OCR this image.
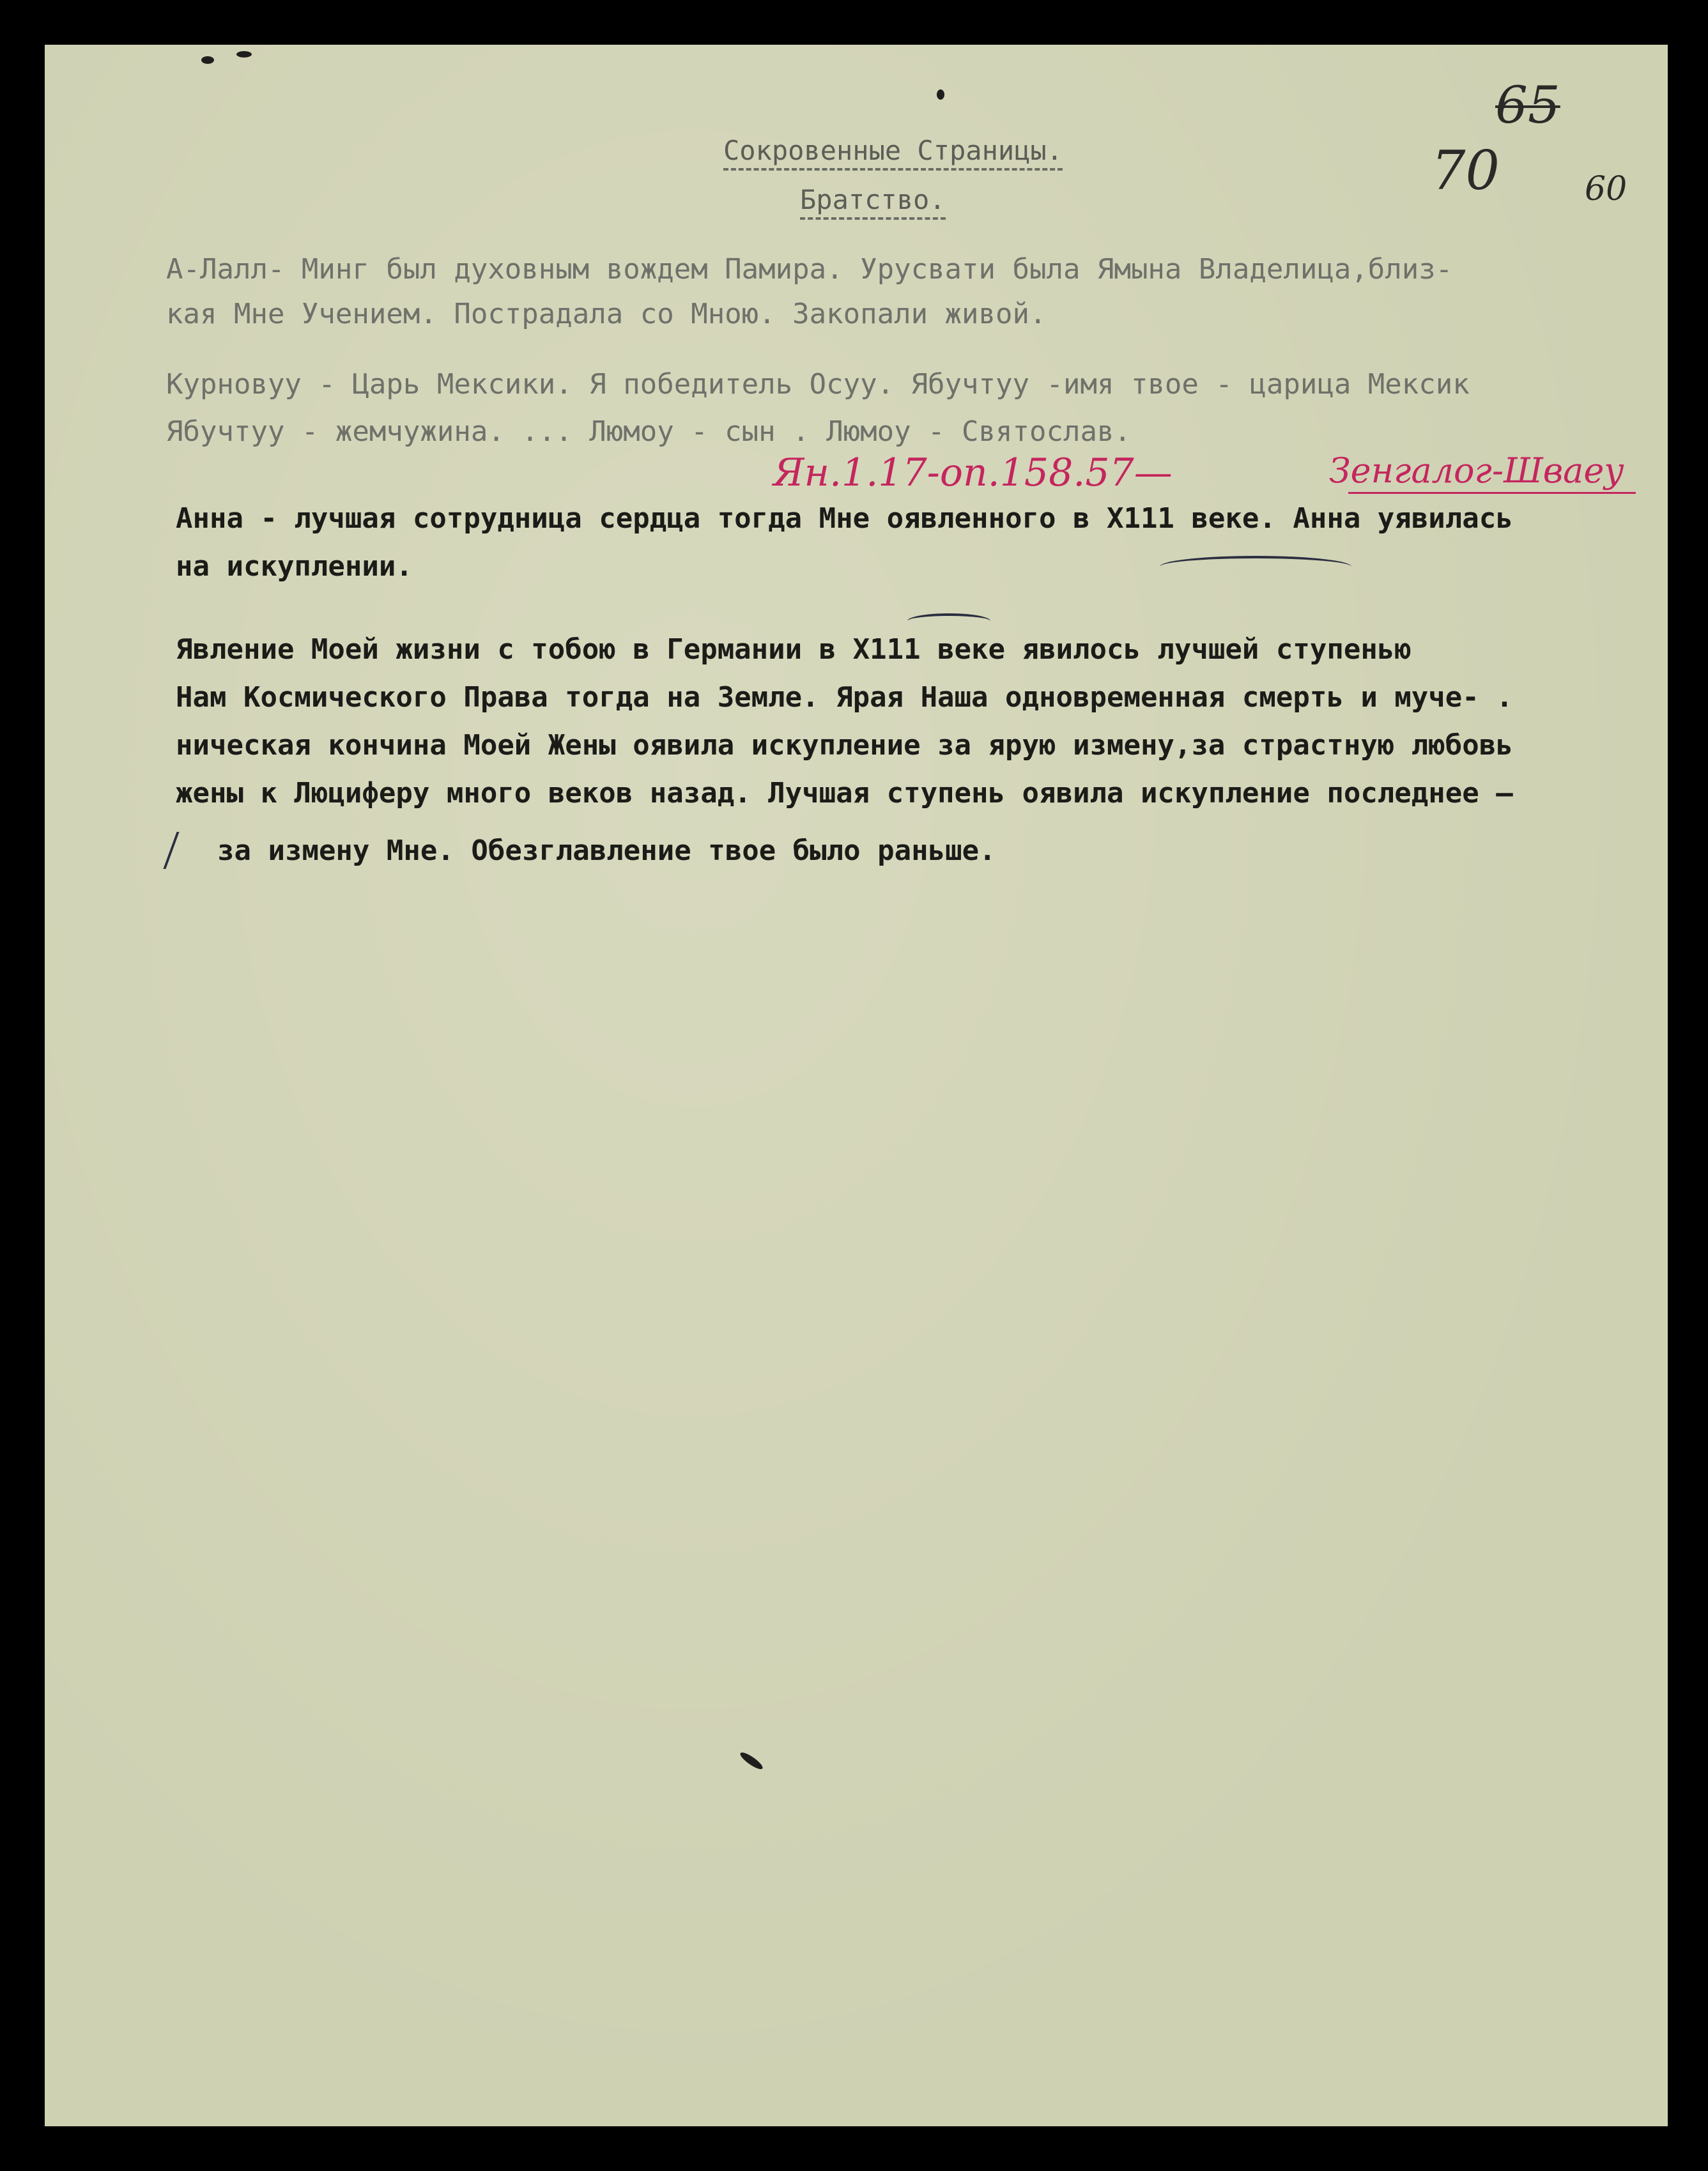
65
70	60
Сокровенные Страницы.
Братство.
А-Лалл- Минг был духовным вождем Памира. Урусвати была Ямына Владелица,близ-
кая Мне Учением. Пострадала со Мною. Закопали живой.
Курновуу - Царь Мексики. Я победитель Осуу. Ябучтуу -имя твое - царица Мексик
Ябучтуу - жемчужина. ... Люмоу - сын . Люмоу - Святослав.
Ян.1.17-оп.158.57—	Зенгалог-Шваеу
Анна - лучшая сотрудница сердца тогда Мне оявленного в X111 веке. Анна уявилась
на искуплении.
Явление Моей жизни с тобою в Германии в X111 веке явилось лучшей ступенью
Нам Космического Права тогда на Земле. Ярая Наша одновременная смерть и муче- .
ническая кончина Моей Жены оявила искупление за ярую измену,за страстную любовь
жены к Люциферу много веков назад. Лучшая ступень оявила искупление последнее –
за измену Мне. Обезглавление твое было раньше.
